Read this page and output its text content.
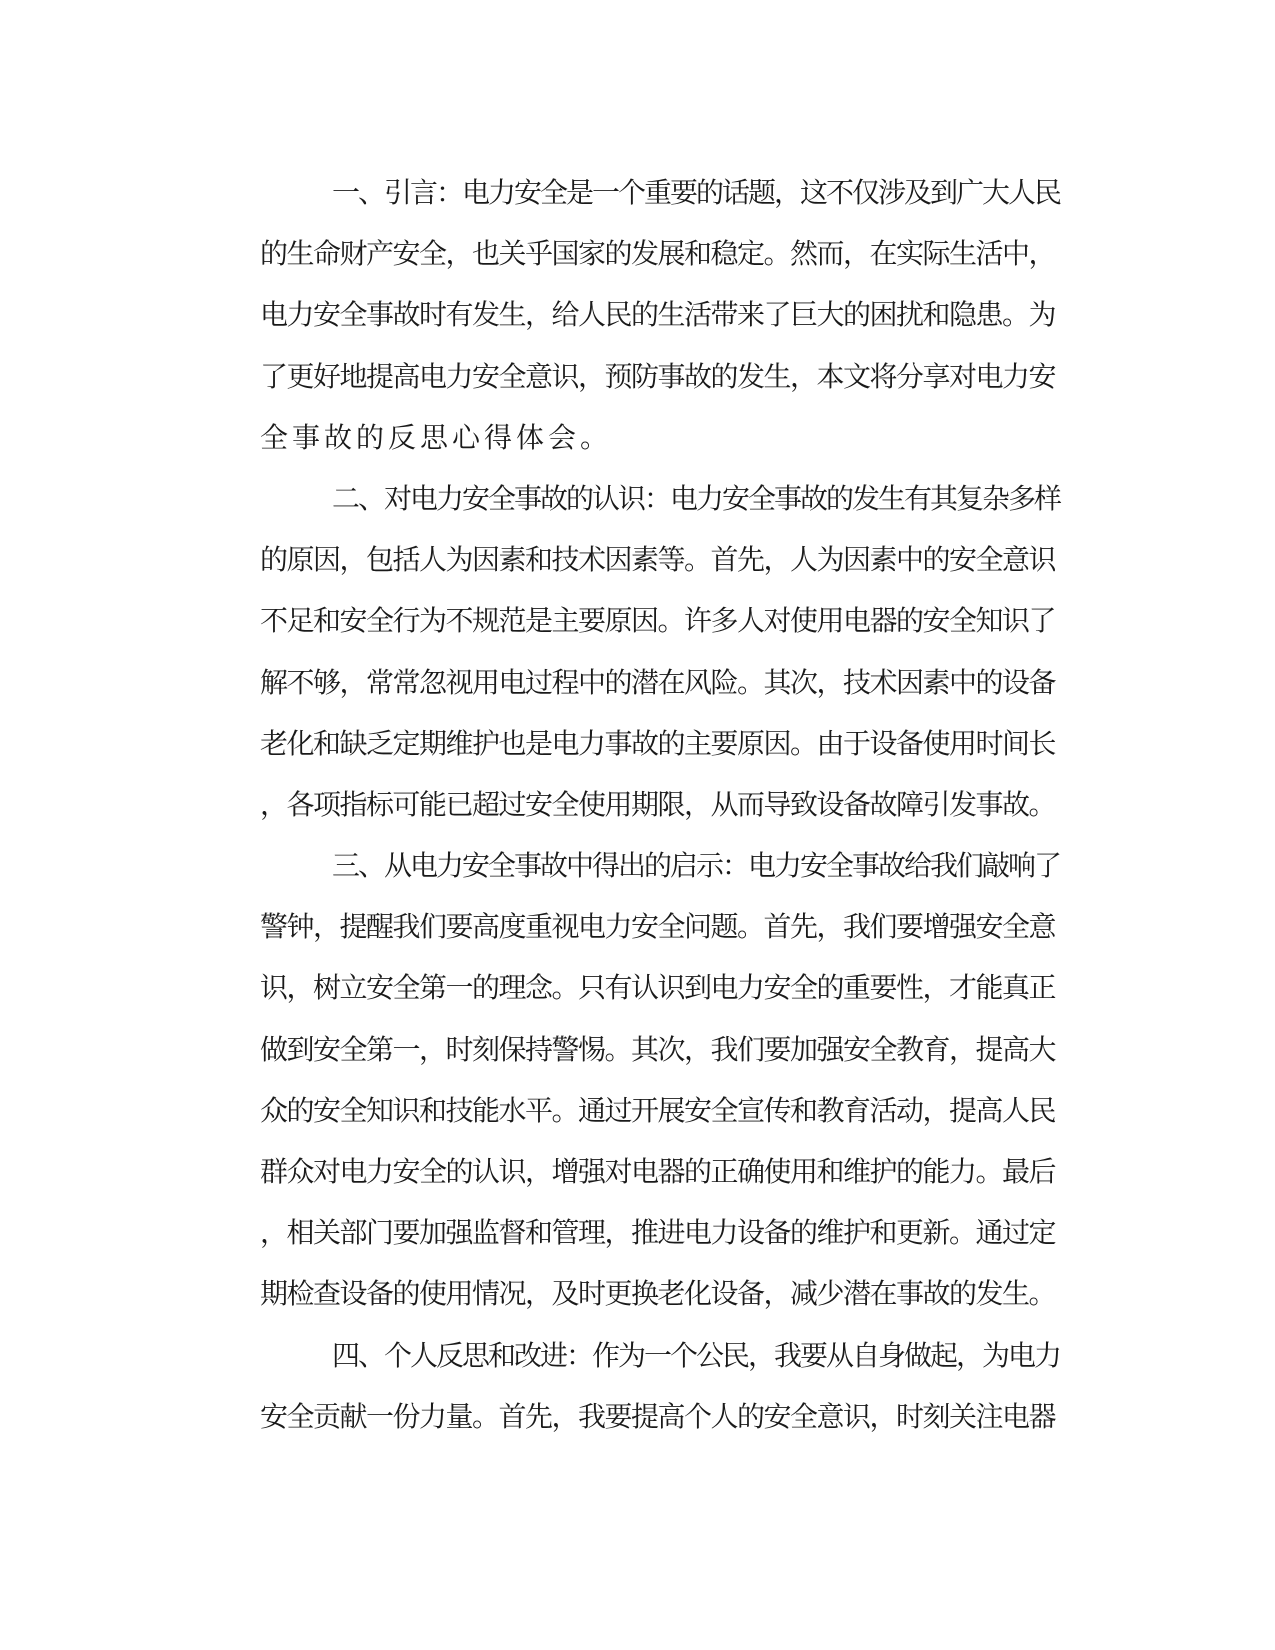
一、引言：电力安全是一个重要的话题，这不仅涉及到广大人民
的生命财产安全，也关乎国家的发展和稳定。然而，在实际生活中，
电力安全事故时有发生，给人民的生活带来了巨大的困扰和隐患。为
了更好地提高电力安全意识，预防事故的发生，本文将分享对电力安
全事故的反思心得体会。
二、对电力安全事故的认识：电力安全事故的发生有其复杂多样
的原因，包括人为因素和技术因素等。首先，人为因素中的安全意识
不足和安全行为不规范是主要原因。许多人对使用电器的安全知识了
解不够，常常忽视用电过程中的潜在风险。其次，技术因素中的设备
老化和缺乏定期维护也是电力事故的主要原因。由于设备使用时间长
，各项指标可能已超过安全使用期限，从而导致设备故障引发事故。
三、从电力安全事故中得出的启示：电力安全事故给我们敲响了
警钟，提醒我们要高度重视电力安全问题。首先，我们要增强安全意
识，树立安全第一的理念。只有认识到电力安全的重要性，才能真正
做到安全第一，时刻保持警惕。其次，我们要加强安全教育，提高大
众的安全知识和技能水平。通过开展安全宣传和教育活动，提高人民
群众对电力安全的认识，增强对电器的正确使用和维护的能力。最后
，相关部门要加强监督和管理，推进电力设备的维护和更新。通过定
期检查设备的使用情况，及时更换老化设备，减少潜在事故的发生。
四、个人反思和改进：作为一个公民，我要从自身做起，为电力
安全贡献一份力量。首先，我要提高个人的安全意识，时刻关注电器
